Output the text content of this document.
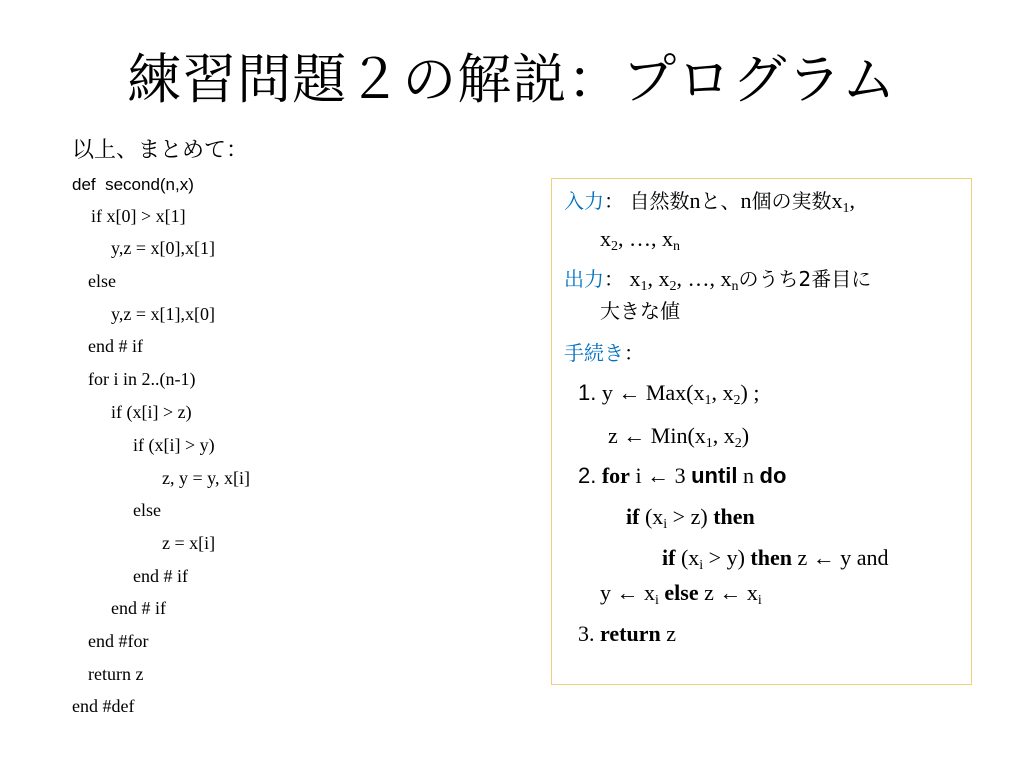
練習問題２の解説：プログラム
以上、まとめて：
def  second(n,x)
if x[0] > x[1]
y,z = x[0],x[1]
else
y,z = x[1],x[0]
end # if
for i in 2..(n-1)
if (x[i] > z)
if (x[i] > y)
z, y = y, x[i]
else
z = x[i]
end # if
end # if
end #for
return z
end #def
入力： 自然数nと、n個の実数$x_1$,
$x_2$, …, $x_n$
出力： $x_1$, $x_2$, …, $x_n$のうち2番目に
大きな値
手続き：
1. y ← $Max(x_1$, $x_2$) ;
z ← $Min(x_1$, $x_2$)
2. for i ← 3 until n do
if $(x_i > z)$ then
if $(x_i > y)$ then z ← y and
y ← $x_i$ else z ← $x_i$
3. return z
